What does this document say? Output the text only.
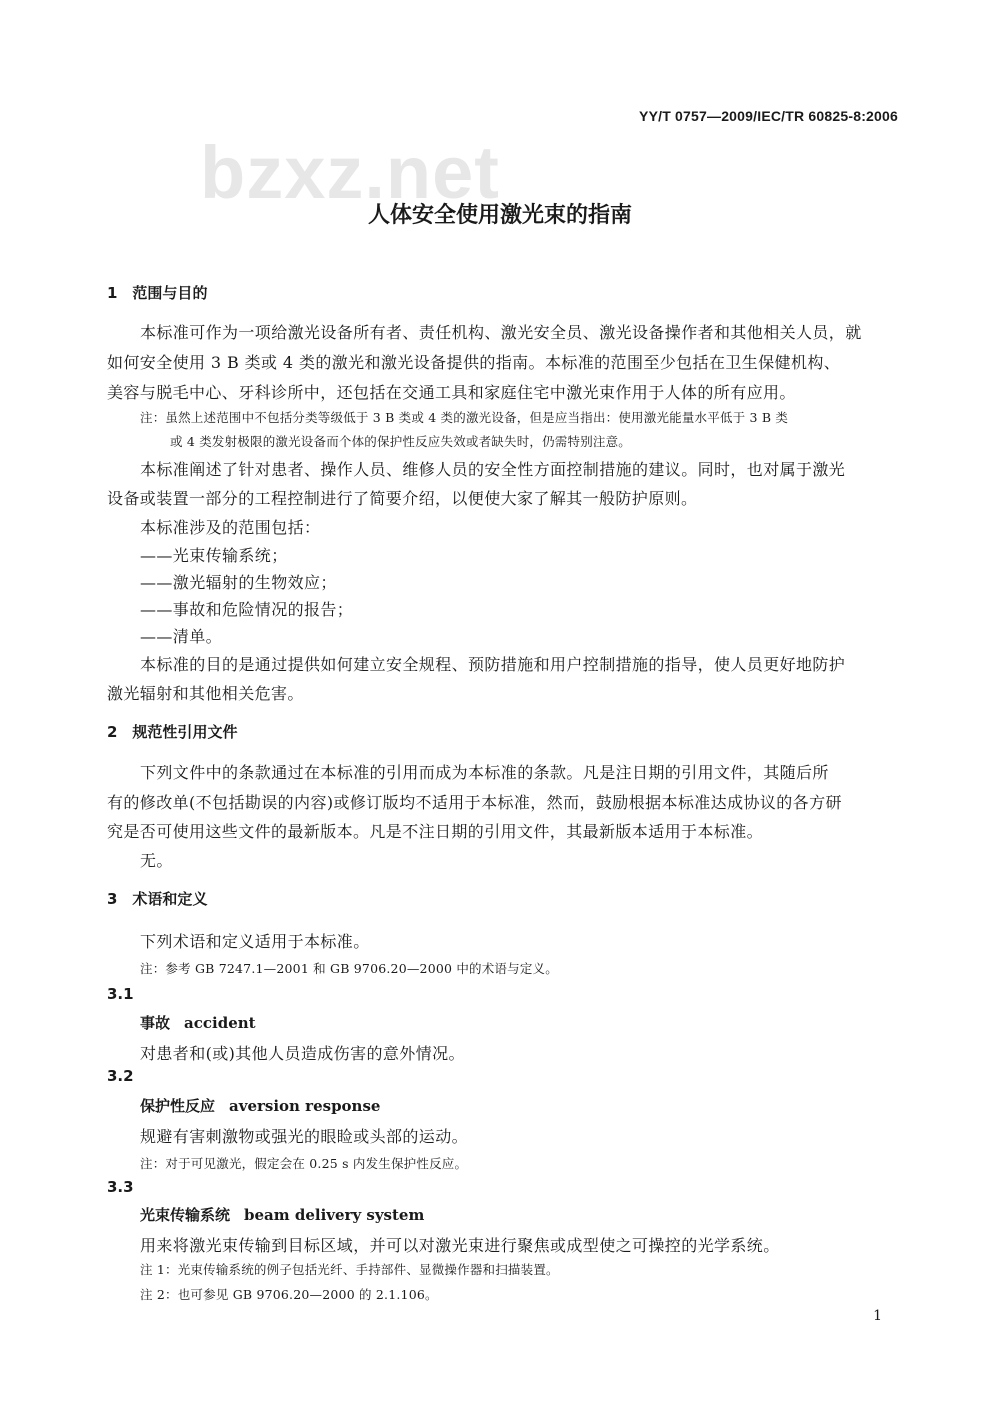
bzxz.net
YY/T 0757—2009/IEC/TR 60825-8:2006
人体安全使用激光束的指南
1　范围与目的
本标准可作为一项给激光设备所有者、责任机构、激光安全员、激光设备操作者和其他相关人员，就
如何安全使用 3 B 类或 4 类的激光和激光设备提供的指南。本标准的范围至少包括在卫生保健机构、
美容与脱毛中心、牙科诊所中，还包括在交通工具和家庭住宅中激光束作用于人体的所有应用。
注：虽然上述范围中不包括分类等级低于 3 B 类或 4 类的激光设备，但是应当指出：使用激光能量水平低于 3 B 类
或 4 类发射极限的激光设备而个体的保护性反应失效或者缺失时，仍需特别注意。
本标准阐述了针对患者、操作人员、维修人员的安全性方面控制措施的建议。同时，也对属于激光
设备或装置一部分的工程控制进行了简要介绍，以便使大家了解其一般防护原则。
本标准涉及的范围包括：
——光束传输系统；
——激光辐射的生物效应；
——事故和危险情况的报告；
——清单。
本标准的目的是通过提供如何建立安全规程、预防措施和用户控制措施的指导，使人员更好地防护
激光辐射和其他相关危害。
2　规范性引用文件
下列文件中的条款通过在本标准的引用而成为本标准的条款。凡是注日期的引用文件，其随后所
有的修改单(不包括勘误的内容)或修订版均不适用于本标准，然而，鼓励根据本标准达成协议的各方研
究是否可使用这些文件的最新版本。凡是不注日期的引用文件，其最新版本适用于本标准。
无。
3　术语和定义
下列术语和定义适用于本标准。
注：参考 GB 7247.1—2001 和 GB 9706.20—2000 中的术语与定义。
3.1
事故 accident
对患者和(或)其他人员造成伤害的意外情况。
3.2
保护性反应 aversion response
规避有害刺激物或强光的眼睑或头部的运动。
注：对于可见激光，假定会在 0.25 s 内发生保护性反应。
3.3
光束传输系统 beam delivery system
用来将激光束传输到目标区域，并可以对激光束进行聚焦或成型使之可操控的光学系统。
注 1：光束传输系统的例子包括光纤、手持部件、显微操作器和扫描装置。
注 2：也可参见 GB 9706.20—2000 的 2.1.106。
1
